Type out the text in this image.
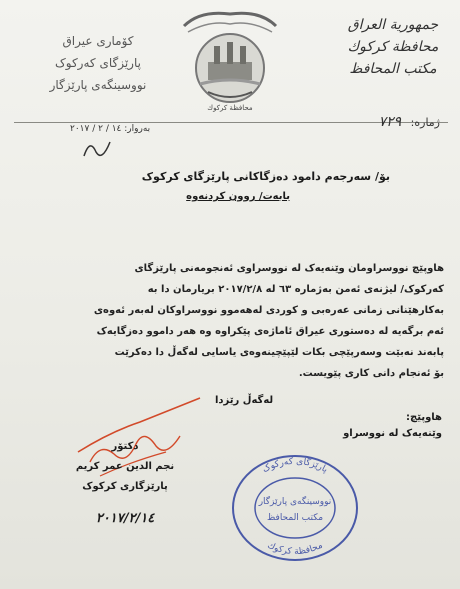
جمهورية العراق
محافظة كركوك
مكتب المحافظ
كۆماری عیراق
پارێزگای کەرکوک
نووسینگەی پارێزگار
محافظة كركوك
ژمارە: ٧٢٩
بەروار: ١٤ / ٢ / ٢٠١٧
بۆ/ سەرجەم دامود دەزگاکانی پارێزگای کرکوک
بابەت/ روون کردنەوە

هاوپێچ نووسراومان وێنەیەک لە نووسراوی ئەنجومەنی پارێزگای

کەرکوک/ لیژنەی ئەمن بەژمارە ٦٣ لە ٢٠١٧/٢/٨ بریارمان دا بە

بەکارهێنانی زمانی عەرەبی و کوردی لەهەموو نووسراوکان لەبەر ئەوەی

ئەم برگەیە لە دەستوری عیراق ئاماژەی پێکراوە وە هەر داموو دەزگایەک

پابەند نەبێت وسەرپێچی بکات لێپێچینەوەی یاسایی لەگەڵ دا دەکرێت

بۆ ئەنجام دانی کاری پێویست.

لەگەڵ رێزدا
هاوپێچ:
وێنەیەک لە نووسراو
دکتۆر
نجم الدين عمر كريم
پارێزگاری کرکوک
٢٠١٧/٢/١٤
پارێزگای کەرکوک
محافظة كركوك
نووسینگەی پارێزگار
مكتب المحافظ
